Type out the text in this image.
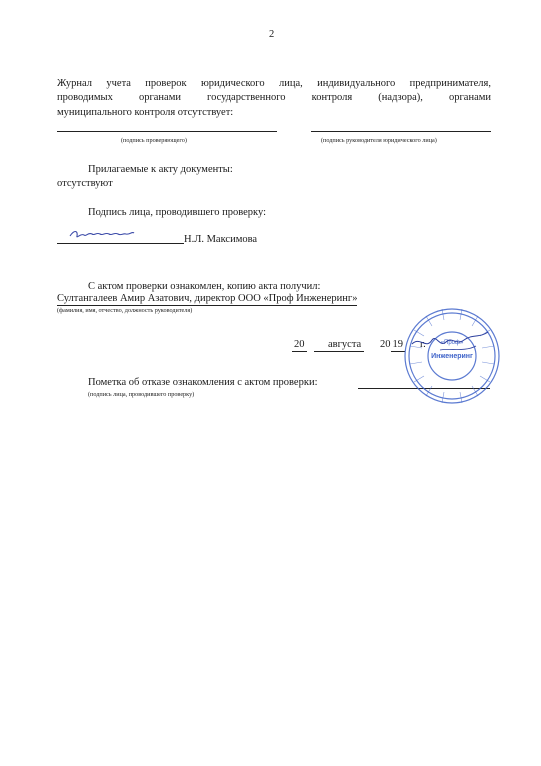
2
Журнал учета проверок юридического лица, индивидуального предпринимателя,
проводимых органами государственного контроля (надзора), органами
муниципального контроля отсутствует:
(подпись проверяющего)	(подпись руководителя юридического лица)
Прилагаемые к акту документы:
отсутствуют
Подпись лица, проводившего проверку:
Н.Л. Максимова
С актом проверки ознакомлен, копию акта получил:
Султангалеев Амир Азатович, директор ООО «Проф Инженеринг»
(фамилия, имя, отчество, должность руководителя)
20	августа 20 19 г.
Пометка об отказе ознакомления с актом проверки:
(подпись лица, проводившего проверку)
Инженеринг
«Проф»
